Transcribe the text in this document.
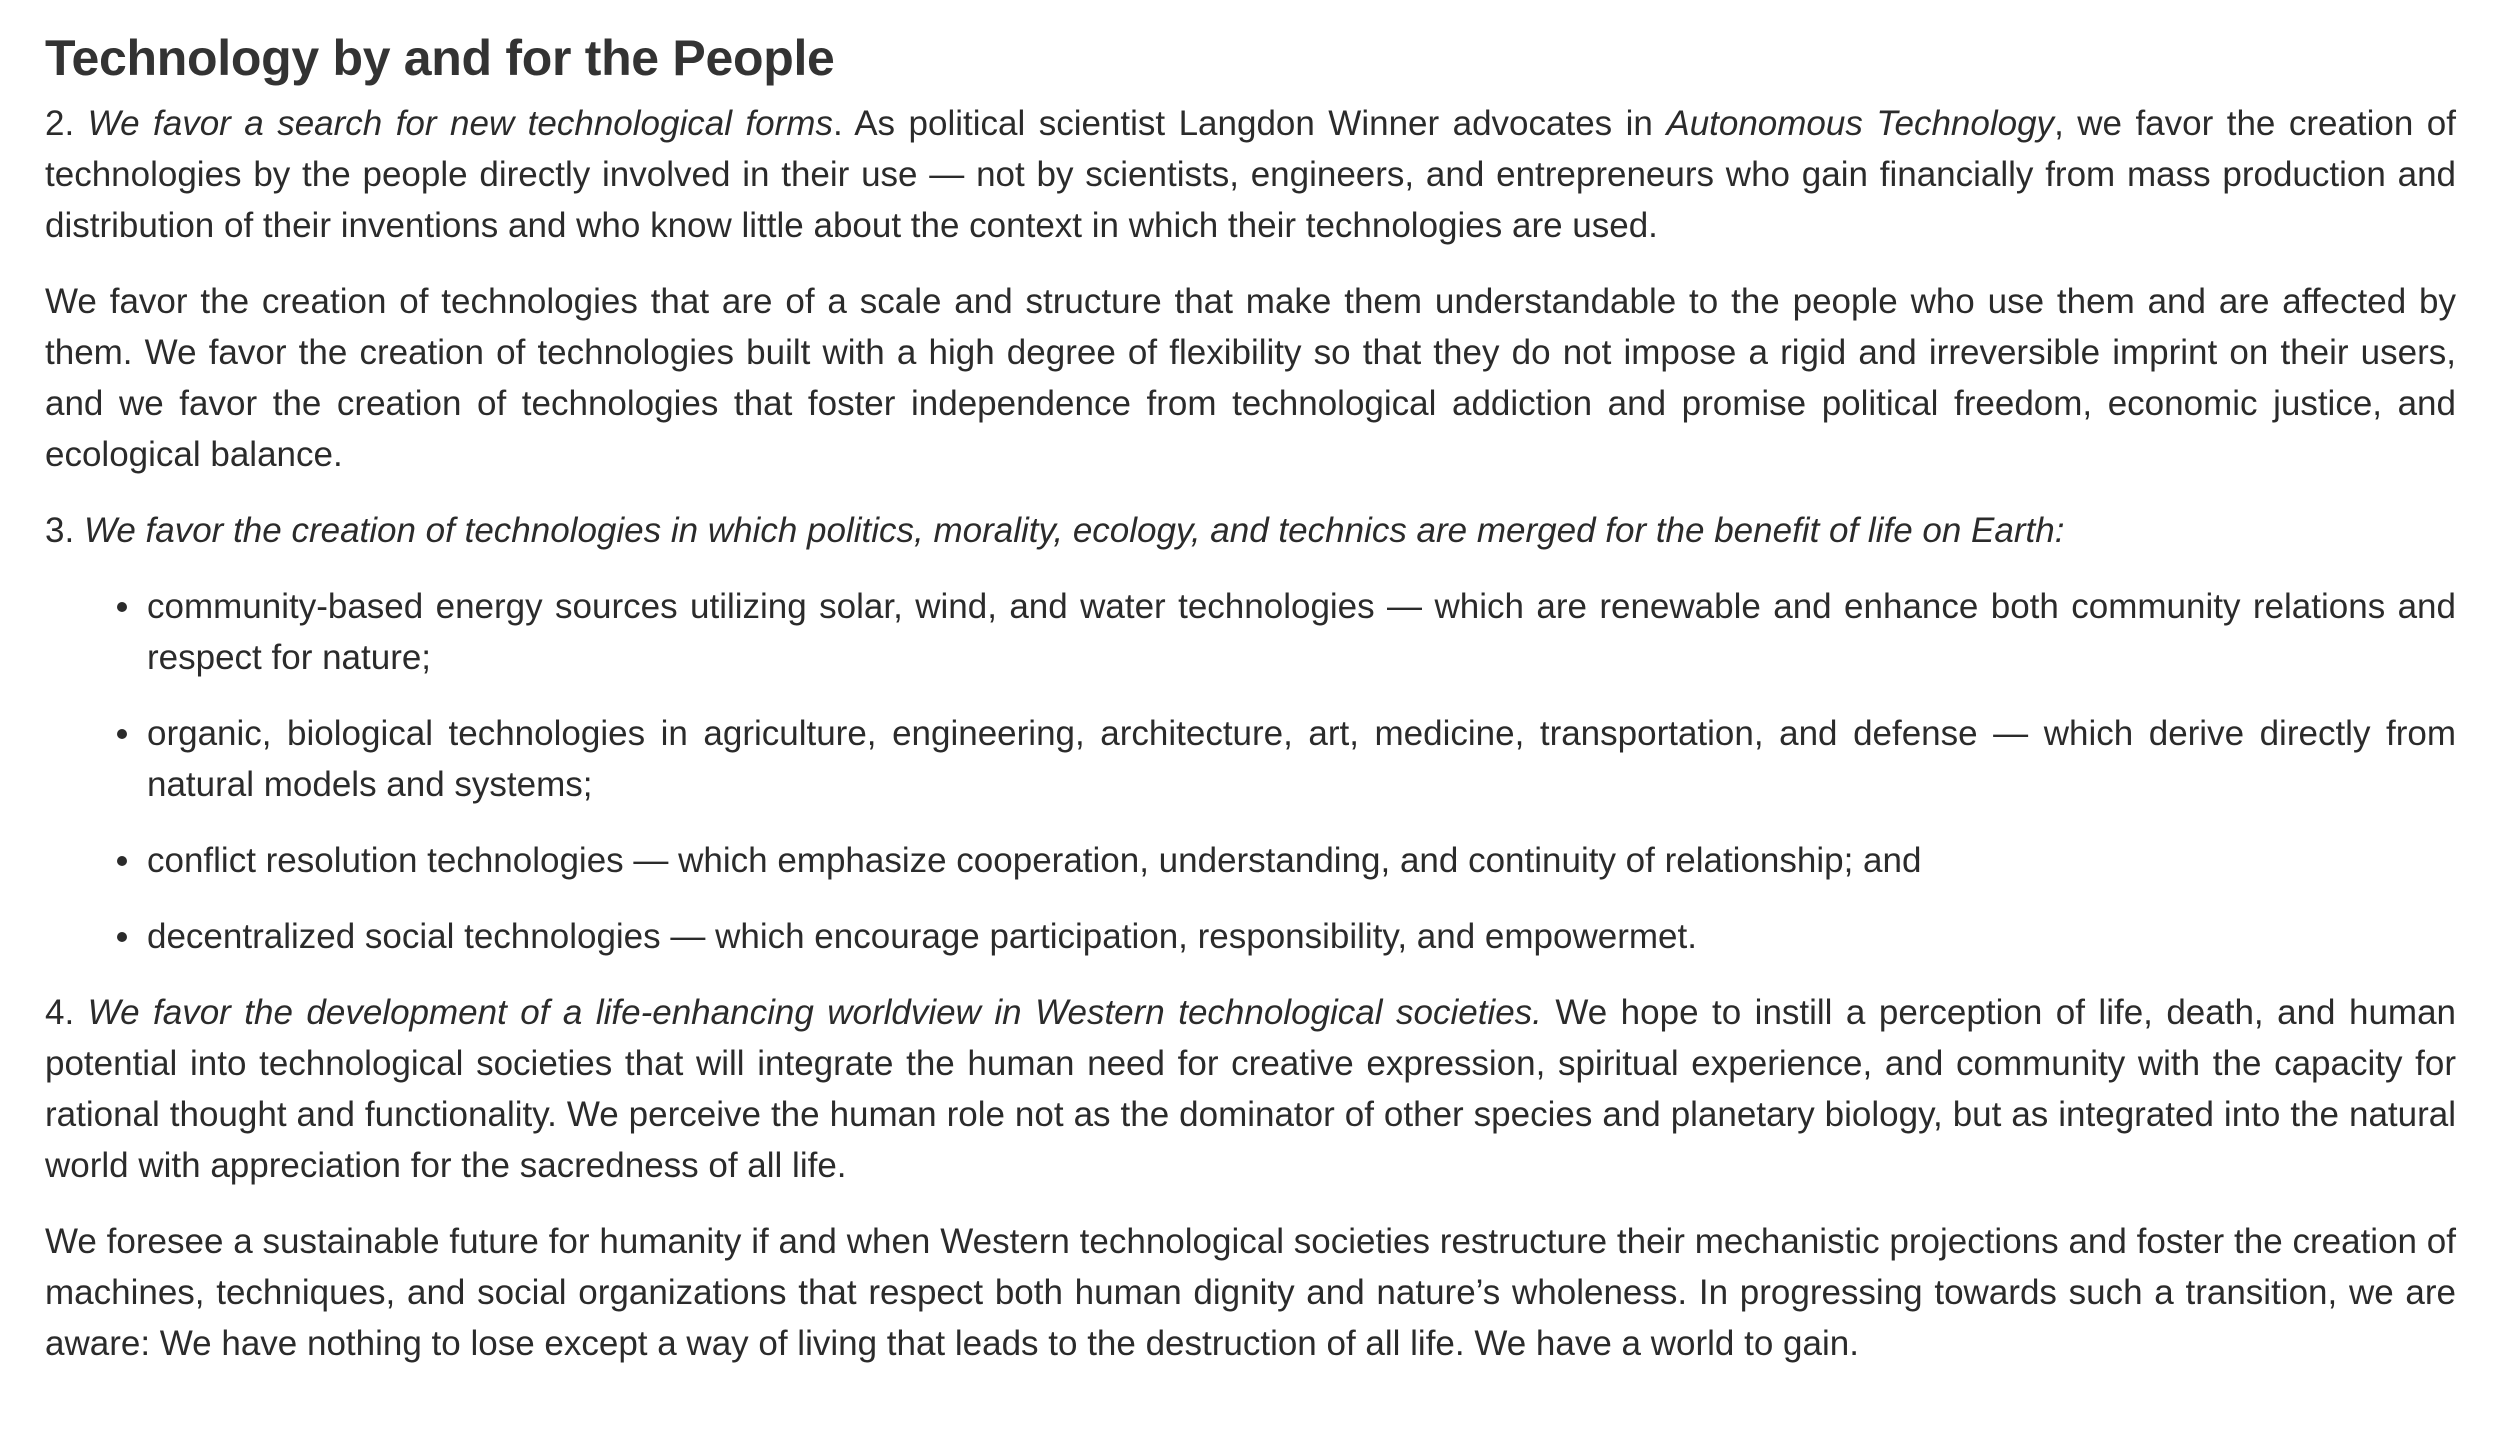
Technology by and for the People

2. We favor a search for new technological forms. As political scientist Langdon Winner advocates in Autonomous Technology, we favor the creation of technologies by the people directly involved in their use — not by scientists, engineers, and entrepreneurs who gain financially from mass production and distribution of their inventions and who know little about the context in which their technologies are used.

We favor the creation of technologies that are of a scale and structure that make them understandable to the people who use them and are affected by them. We favor the creation of technologies built with a high degree of flexibility so that they do not impose a rigid and irreversible imprint on their users, and we favor the creation of technologies that foster independence from technological addiction and promise political freedom, economic justice, and ecological balance.

3. We favor the creation of technologies in which politics, morality, ecology, and technics are merged for the benefit of life on Earth:

community-based energy sources utilizing solar, wind, and water technologies — which are renewable and enhance both community relations and respect for nature;
organic, biological technologies in agriculture, engineering, architecture, art, medicine, transportation, and defense — which derive directly from natural models and systems;
conflict resolution technologies — which emphasize cooperation, understanding, and continuity of relationship; and
decentralized social technologies — which encourage participation, responsibility, and empowermet.

4. We favor the development of a life-enhancing worldview in Western technological societies. We hope to instill a perception of life, death, and human potential into technological societies that will integrate the human need for creative expression, spiritual experience, and community with the capacity for rational thought and functionality. We perceive the human role not as the dominator of other species and planetary biology, but as integrated into the natural world with appreciation for the sacredness of all life.

We foresee a sustainable future for humanity if and when Western technological societies restructure their mechanistic projections and foster the creation of machines, techniques, and social organizations that respect both human dignity and nature’s wholeness. In progressing towards such a transition, we are aware: We have nothing to lose except a way of living that leads to the destruction of all life. We have a world to gain.
